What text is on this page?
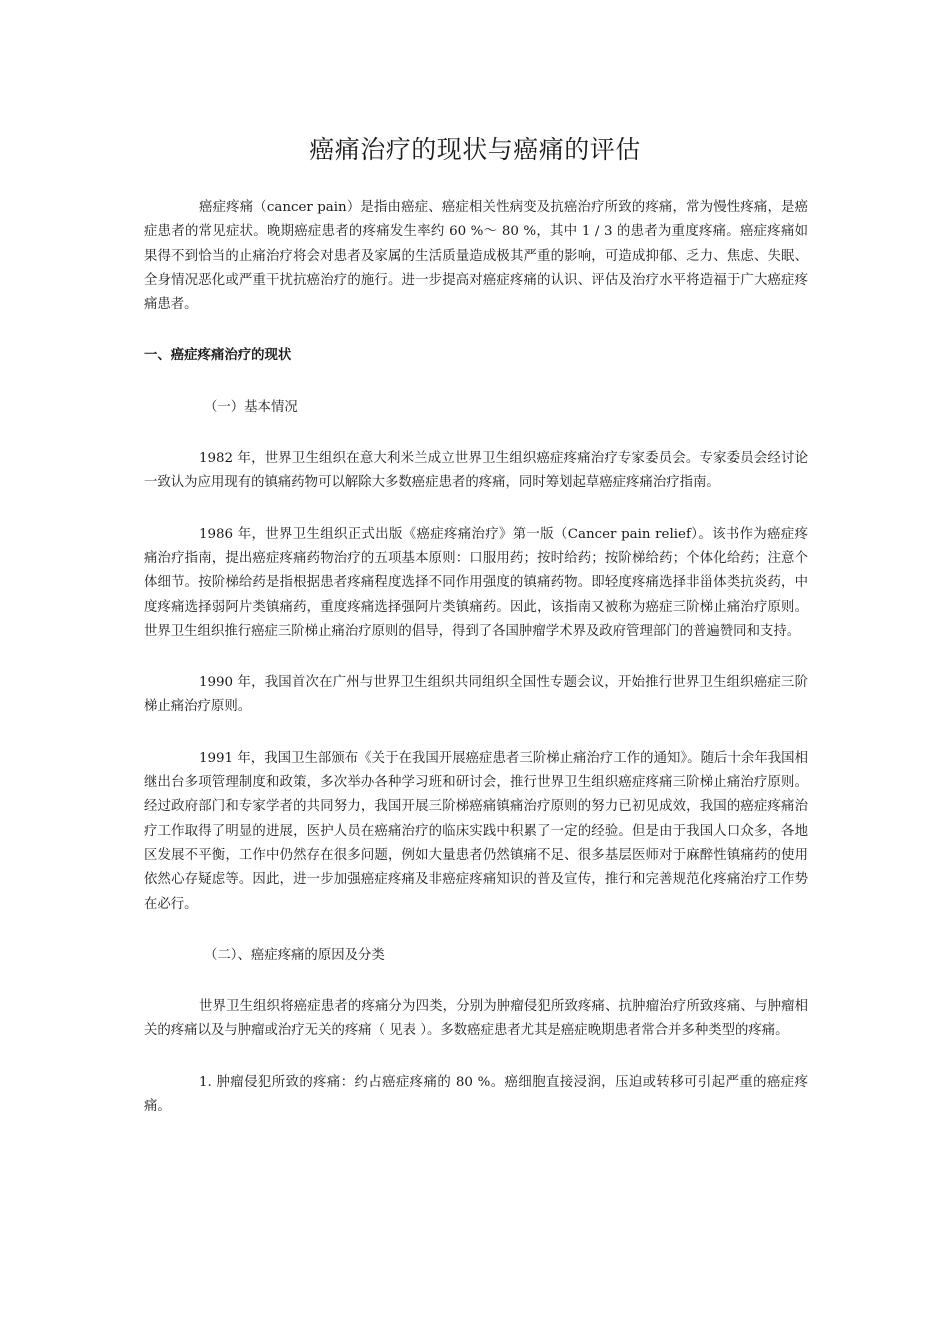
癌痛治疗的现状与癌痛的评估

癌症疼痛（cancer pain）是指由癌症、癌症相关性病变及抗癌治疗所致的疼痛，常为慢性疼痛，是癌症患者的常见症状。晚期癌症患者的疼痛发生率约 60 %～ 80 %，其中 1 / 3 的患者为重度疼痛。癌症疼痛如果得不到恰当的止痛治疗将会对患者及家属的生活质量造成极其严重的影响，可造成抑郁、乏力、焦虑、失眠、全身情况恶化或严重干扰抗癌治疗的施行。进一步提高对癌症疼痛的认识、评估及治疗水平将造福于广大癌症疼痛患者。

一、癌症疼痛治疗的现状

（一）基本情况

1982 年，世界卫生组织在意大利米兰成立世界卫生组织癌症疼痛治疗专家委员会。专家委员会经讨论一致认为应用现有的镇痛药物可以解除大多数癌症患者的疼痛，同时筹划起草癌症疼痛治疗指南。

1986 年，世界卫生组织正式出版《癌症疼痛治疗》第一版（Cancer pain relief）。该书作为癌症疼痛治疗指南，提出癌症疼痛药物治疗的五项基本原则：口服用药；按时给药；按阶梯给药；个体化给药；注意个体细节。按阶梯给药是指根据患者疼痛程度选择不同作用强度的镇痛药物。即轻度疼痛选择非甾体类抗炎药，中度疼痛选择弱阿片类镇痛药，重度疼痛选择强阿片类镇痛药。因此，该指南又被称为癌症三阶梯止痛治疗原则。世界卫生组织推行癌症三阶梯止痛治疗原则的倡导，得到了各国肿瘤学术界及政府管理部门的普遍赞同和支持。

1990 年，我国首次在广州与世界卫生组织共同组织全国性专题会议，开始推行世界卫生组织癌症三阶梯止痛治疗原则。

1991 年，我国卫生部颁布《关于在我国开展癌症患者三阶梯止痛治疗工作的通知》。随后十余年我国相继出台多项管理制度和政策，多次举办各种学习班和研讨会，推行世界卫生组织癌症疼痛三阶梯止痛治疗原则。经过政府部门和专家学者的共同努力，我国开展三阶梯癌痛镇痛治疗原则的努力已初见成效，我国的癌症疼痛治疗工作取得了明显的进展，医护人员在癌痛治疗的临床实践中积累了一定的经验。但是由于我国人口众多，各地区发展不平衡，工作中仍然存在很多问题，例如大量患者仍然镇痛不足、很多基层医师对于麻醉性镇痛药的使用依然心存疑虑等。因此，进一步加强癌症疼痛及非癌症疼痛知识的普及宣传，推行和完善规范化疼痛治疗工作势在必行。

（二）、癌症疼痛的原因及分类

世界卫生组织将癌症患者的疼痛分为四类，分别为肿瘤侵犯所致疼痛、抗肿瘤治疗所致疼痛、与肿瘤相关的疼痛以及与肿瘤或治疗无关的疼痛（ 见表 ）。多数癌症患者尤其是癌症晚期患者常合并多种类型的疼痛。

1. 肿瘤侵犯所致的疼痛：约占癌症疼痛的 80 %。癌细胞直接浸润，压迫或转移可引起严重的癌症疼痛。
